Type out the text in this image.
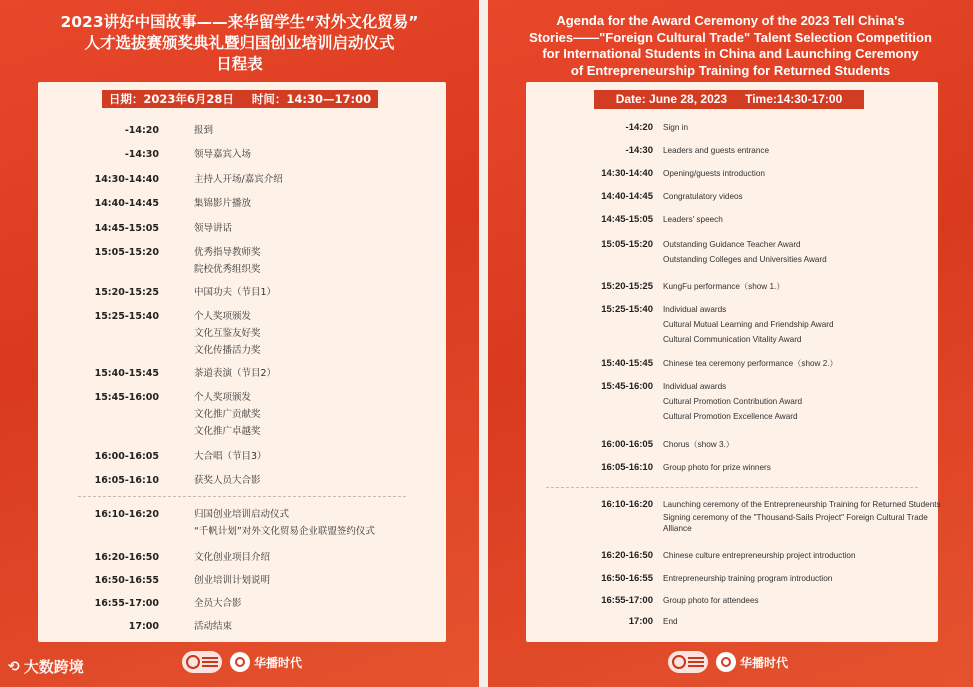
2023讲好中国故事——来华留学生“对外文化贸易”
人才选拔赛颁奖典礼暨归国创业培训启动仪式
日程表
日期：2023年6月28日 时间：14:30—17:00
-14:20	报到
-14:30	领导嘉宾入场
14:30-14:40	主持人开场/嘉宾介绍
14:40-14:45	集锦影片播放
14:45-15:05	领导讲话
15:05-15:20	优秀指导教师奖
院校优秀组织奖
15:20-15:25	中国功夫（节目1）
15:25-15:40	个人奖项颁发
文化互鉴友好奖
文化传播活力奖
15:40-15:45	茶道表演（节目2）
15:45-16:00	个人奖项颁发
文化推广贡献奖
文化推广卓越奖
16:00-16:05	大合唱（节目3）
16:05-16:10	获奖人员大合影
16:10-16:20	归国创业培训启动仪式
“千帆计划”对外文化贸易企业联盟签约仪式
16:20-16:50	文化创业项目介绍
16:50-16:55	创业培训计划说明
16:55-17:00	全员大合影
17:00	活动结束
华播时代
⟲ 大数跨境
Agenda for the Award Ceremony of the 2023 Tell China's
Stories——"Foreign Cultural Trade" Talent Selection Competition
for International Students in China and Launching Ceremony
of Entrepreneurship Training for Returned Students
Date: June 28, 2023 Time:14:30-17:00
-14:20 Sign in
-14:30 Leaders and guests entrance
14:30-14:40 Opening/guests introduction
14:40-14:45 Congratulatory videos
14:45-15:05 Leaders' speech
15:05-15:20 Outstanding Guidance Teacher Award
Outstanding Colleges and Universities Award
15:20-15:25 KungFu performance（show 1.）
15:25-15:40 Individual awards
Cultural Mutual Learning and Friendship Award
Cultural Communication Vitality Award
15:40-15:45 Chinese tea ceremony performance（show 2.）
15:45-16:00 Individual awards
Cultural Promotion Contribution Award
Cultural Promotion Excellence Award
16:00-16:05 Chorus（show 3.）
16:05-16:10 Group photo for prize winners
16:10-16:20 Launching ceremony of the Entrepreneurship Training for Returned Students
Signing ceremony of the "Thousand-Sails Project" Foreign Cultural Trade Alliance
16:20-16:50 Chinese culture entrepreneurship project introduction
16:50-16:55 Entrepreneurship training program introduction
16:55-17:00 Group photo for attendees
17:00 End
华播时代
